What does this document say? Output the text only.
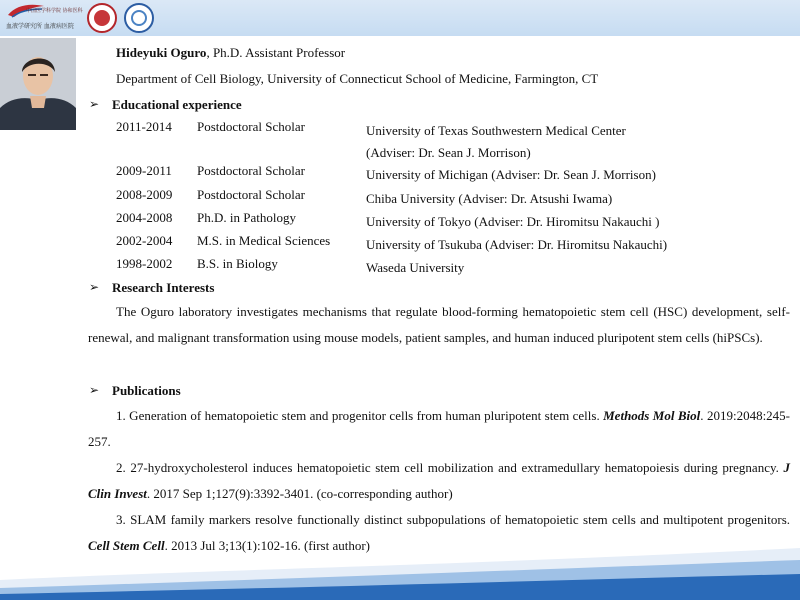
中国医学科学院 协和医科
血液学研究所 血液病医院
Hideyuki Oguro, Ph.D. Assistant Professor
Department of Cell Biology, University of Connecticut School of Medicine, Farmington, CT
➢ Educational experience
2011-2014 Postdoctoral Scholar	University of Texas Southwestern Medical Center
(Adviser: Dr. Sean J. Morrison)
2009-2011 Postdoctoral Scholar	University of Michigan (Adviser: Dr. Sean J. Morrison)
2008-2009 Postdoctoral Scholar	Chiba University (Adviser: Dr. Atsushi Iwama)
2004-2008 Ph.D. in Pathology	University of Tokyo (Adviser: Dr. Hiromitsu Nakauchi )
2002-2004 M.S. in Medical Sciences	University of Tsukuba (Adviser: Dr. Hiromitsu Nakauchi)
1998-2002 B.S. in Biology	Waseda University
➢ Research Interests
The Oguro laboratory investigates mechanisms that regulate blood-forming hematopoietic stem cell (HSC) development, self-renewal, and malignant transformation using mouse models, patient samples, and human induced pluripotent stem cells (hiPSCs).
➢ Publications
1. Generation of hematopoietic stem and progenitor cells from human pluripotent stem cells. Methods Mol Biol. 2019:2048:245-257.
2. 27-hydroxycholesterol induces hematopoietic stem cell mobilization and extramedullary hematopoiesis during pregnancy. J Clin Invest. 2017 Sep 1;127(9):3392-3401. (co-corresponding author)
3. SLAM family markers resolve functionally distinct subpopulations of hematopoietic stem cells and multipotent progenitors. Cell Stem Cell. 2013 Jul 3;13(1):102-16. (first author)
